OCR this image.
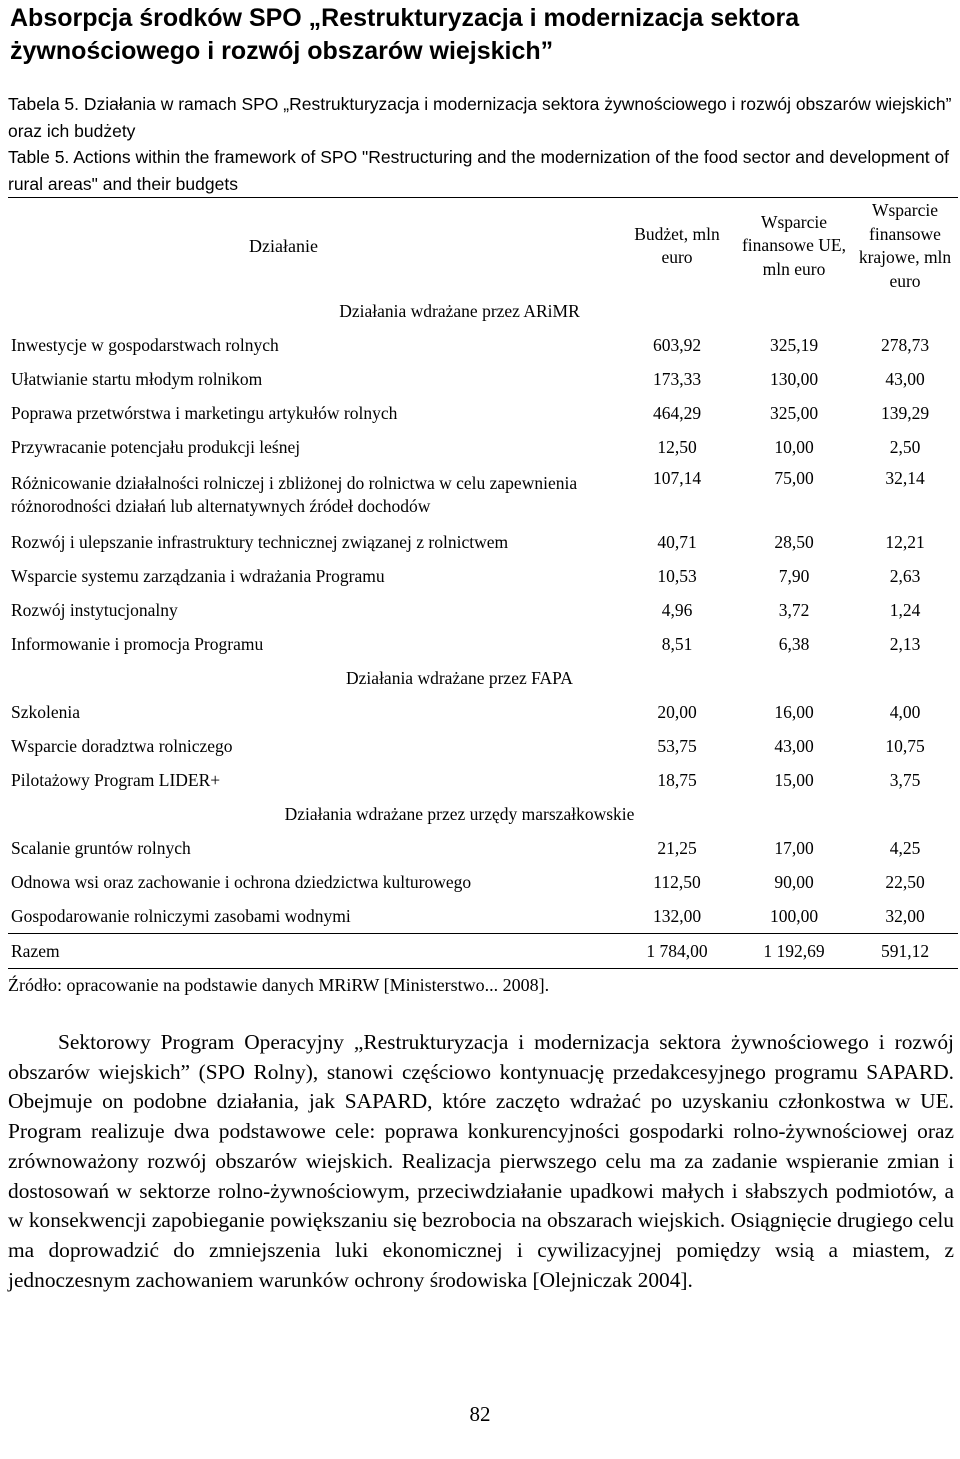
Absorpcja środków SPO „Restrukturyzacja i modernizacja sektora żywnościowego i rozwój obszarów wiejskich”

Tabela 5. Działania w ramach SPO „Restrukturyzacja i modernizacja sektora żywnościowego i rozwój obszarów wiejskich” oraz ich budżety

Table 5. Actions within the framework of SPO "Restructuring and the modernization of the food sector and development of rural areas" and their budgets

Działanie	Budżet, mln euro	Wsparcie finansowe UE, mln euro	Wsparcie finansowe krajowe, mln euro
Działania wdrażane przez ARiMR			
Inwestycje w gospodarstwach rolnych	603,92	325,19	278,73
Ułatwianie startu młodym rolnikom	173,33	130,00	43,00
Poprawa przetwórstwa i marketingu artykułów rolnych	464,29	325,00	139,29
Przywracanie potencjału produkcji leśnej	12,50	10,00	2,50
Różnicowanie działalności rolniczej i zbliżonej do rolnictwa w celu zapewnienia różnorodności działań lub alternatywnych źródeł dochodów	107,14	75,00	32,14
Rozwój i ulepszanie infrastruktury technicznej związanej z rolnictwem	40,71	28,50	12,21
Wsparcie systemu zarządzania i wdrażania Programu	10,53	7,90	2,63
Rozwój instytucjonalny	4,96	3,72	1,24
Informowanie i promocja Programu	8,51	6,38	2,13
Działania wdrażane przez FAPA			
Szkolenia	20,00	16,00	4,00
Wsparcie doradztwa rolniczego	53,75	43,00	10,75
Pilotażowy Program LIDER+	18,75	15,00	3,75
Działania wdrażane przez urzędy marszałkowskie			
Scalanie gruntów rolnych	21,25	17,00	4,25
Odnowa wsi oraz zachowanie i ochrona dziedzictwa kulturowego	112,50	90,00	22,50
Gospodarowanie rolniczymi zasobami wodnymi	132,00	100,00	32,00
Razem	1 784,00	1 192,69	591,12

Źródło: opracowanie na podstawie danych MRiRW [Ministerstwo... 2008].

Sektorowy Program Operacyjny „Restrukturyzacja i modernizacja sektora żywnościowego i rozwój obszarów wiejskich” (SPO Rolny), stanowi częściowo kontynuację przedakcesyjnego programu SAPARD. Obejmuje on podobne działania, jak SAPARD, które zaczęto wdrażać po uzyskaniu członkostwa w UE. Program realizuje dwa podstawowe cele: poprawa konkurencyjności gospodarki rolno-żywnościowej oraz zrównoważony rozwój obszarów wiejskich. Realizacja pierwszego celu ma za zadanie wspieranie zmian i dostosowań w sektorze rolno-żywnościowym, przeciwdziałanie upadkowi małych i słabszych podmiotów, a w konsekwencji zapobieganie powiększaniu się bezrobocia na obszarach wiejskich. Osiągnięcie drugiego celu ma doprowadzić do zmniejszenia luki ekonomicznej i cywilizacyjnej pomiędzy wsią a miastem, z jednoczesnym zachowaniem warunków ochrony środowiska [Olejniczak 2004].

82
